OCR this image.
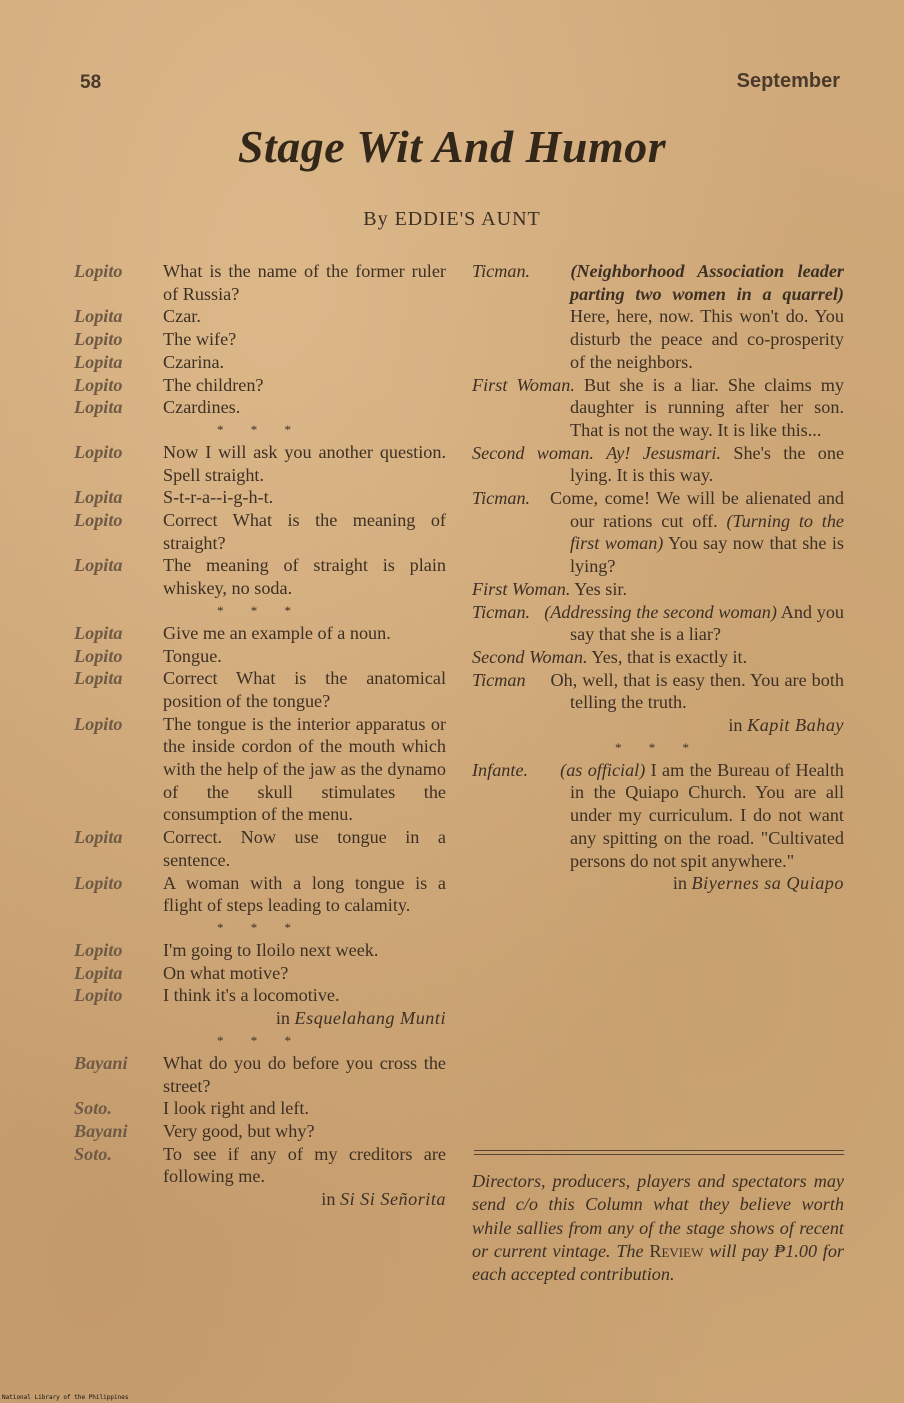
58	September
Stage Wit And Humor
By EDDIE'S AUNT
Lopito	What is the name of the former ruler of Russia?
Lopita	Czar.
Lopito	The wife?
Lopita	Czarina.
Lopito	The children?
Lopita	Czardines.
* * *
Lopito	Now I will ask you another question. Spell straight.
Lopita	S-t-r-a--i-g-h-t.
Lopito	Correct What is the meaning of straight?
Lopita	The meaning of straight is plain whiskey, no soda.
* * *
Lopita	Give me an example of a noun.
Lopito	Tongue.
Lopita	Correct What is the anatomical position of the tongue?
Lopito	The tongue is the interior apparatus or the inside cordon of the mouth which with the help of the jaw as the dynamo of the skull stimulates the consumption of the menu.
Lopita	Correct. Now use tongue in a sentence.
Lopito	A woman with a long tongue is a flight of steps leading to calamity.
* * *
Lopito	I'm going to Iloilo next week.
Lopita	On what motive?
Lopito	I think it's a locomotive.
in Esquelahang Munti
* * *
Bayani	What do you do before you cross the street?
Soto.	I look right and left.
Bayani	Very good, but why?
Soto.	To see if any of my creditors are following me.
in Si Si Señorita
Ticman. (Neighborhood Association leader parting two women in a quarrel) Here, here, now. This won't do. You disturb the peace and co-prosperity of the neighbors.
First Woman. But she is a liar. She claims my daughter is running after her son. That is not the way. It is like this...
Second woman. Ay! Jesusmari. She's the one lying. It is this way.
Ticman. Come, come! We will be alienated and our rations cut off. (Turning to the first woman) You say now that she is lying?
First Woman. Yes sir.
Ticman. (Addressing the second woman) And you say that she is a liar?
Second Woman. Yes, that is exactly it.
Ticman Oh, well, that is easy then. You are both telling the truth.
in Kapit Bahay
* * *
Infante. (as official) I am the Bureau of Health in the Quiapo Church. You are all under my curriculum. I do not want any spitting on the road. "Cultivated persons do not spit anywhere."
in Biyernes sa Quiapo
Directors, producers, players and spectators may send c/o this Column what they believe worth while sallies from any of the stage shows of recent or current vintage. The Review will pay ₱1.00 for each accepted contribution.
National Library of the Philippines
